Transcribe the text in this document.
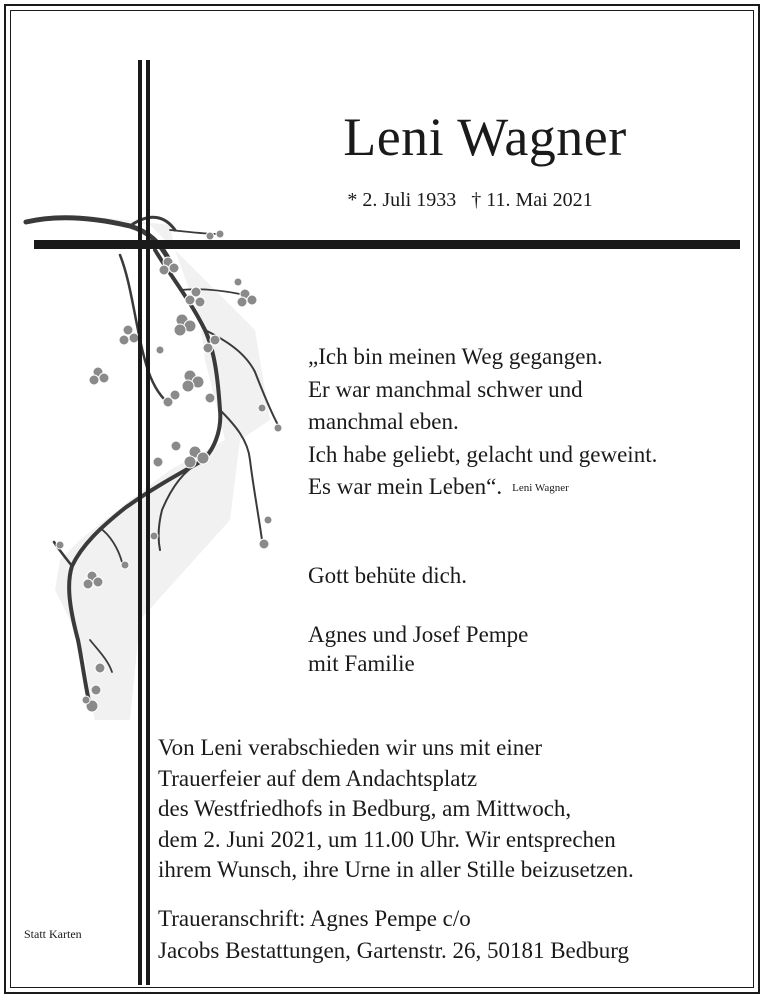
Leni Wagner
* 2. Juli 1933   † 11. Mai 2021
„Ich bin meinen Weg gegangen.
Er war manchmal schwer und
manchmal eben.
Ich habe geliebt, gelacht und geweint.
Es war mein Leben“. Leni Wagner
Gott behüte dich.
Agnes und Josef Pempe
mit Familie
Von Leni verabschieden wir uns mit einer
Trauerfeier auf dem Andachtsplatz
des Westfriedhofs in Bedburg, am Mittwoch,
dem 2. Juni 2021, um 11.00 Uhr. Wir entsprechen
ihrem Wunsch, ihre Urne in aller Stille beizusetzen.
Traueranschrift: Agnes Pempe c/o
Jacobs Bestattungen, Gartenstr. 26, 50181 Bedburg
Statt Karten
